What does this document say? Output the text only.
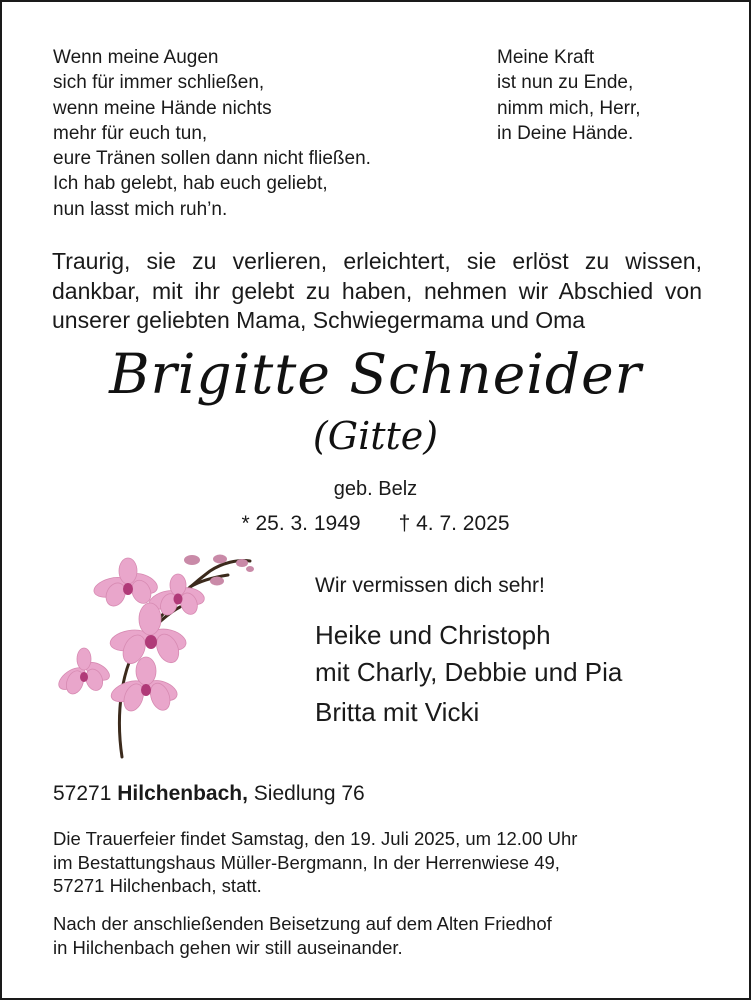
Wenn meine Augen
sich für immer schließen,
wenn meine Hände nichts
mehr für euch tun,
eure Tränen sollen dann nicht fließen.
Ich hab gelebt, hab euch geliebt,
nun lasst mich ruh’n.
Meine Kraft
ist nun zu Ende,
nimm mich, Herr,
in Deine Hände.
Traurig, sie zu verlieren, erleichtert, sie erlöst zu wissen,
dankbar, mit ihr gelebt zu haben, nehmen wir Abschied von
unserer geliebten Mama, Schwiegermama und Oma
Brigitte Schneider
(Gitte)
geb. Belz
* 25. 3. 1949 † 4. 7. 2025
Wir vermissen dich sehr!
Heike und Christoph
mit Charly, Debbie und Pia
Britta mit Vicki
57271 Hilchenbach, Siedlung 76
Die Trauerfeier findet Samstag, den 19. Juli 2025, um 12.00 Uhr
im Bestattungshaus Müller-Bergmann, In der Herrenwiese 49,
57271 Hilchenbach, statt.
Nach der anschließenden Beisetzung auf dem Alten Friedhof
in Hilchenbach gehen wir still auseinander.
